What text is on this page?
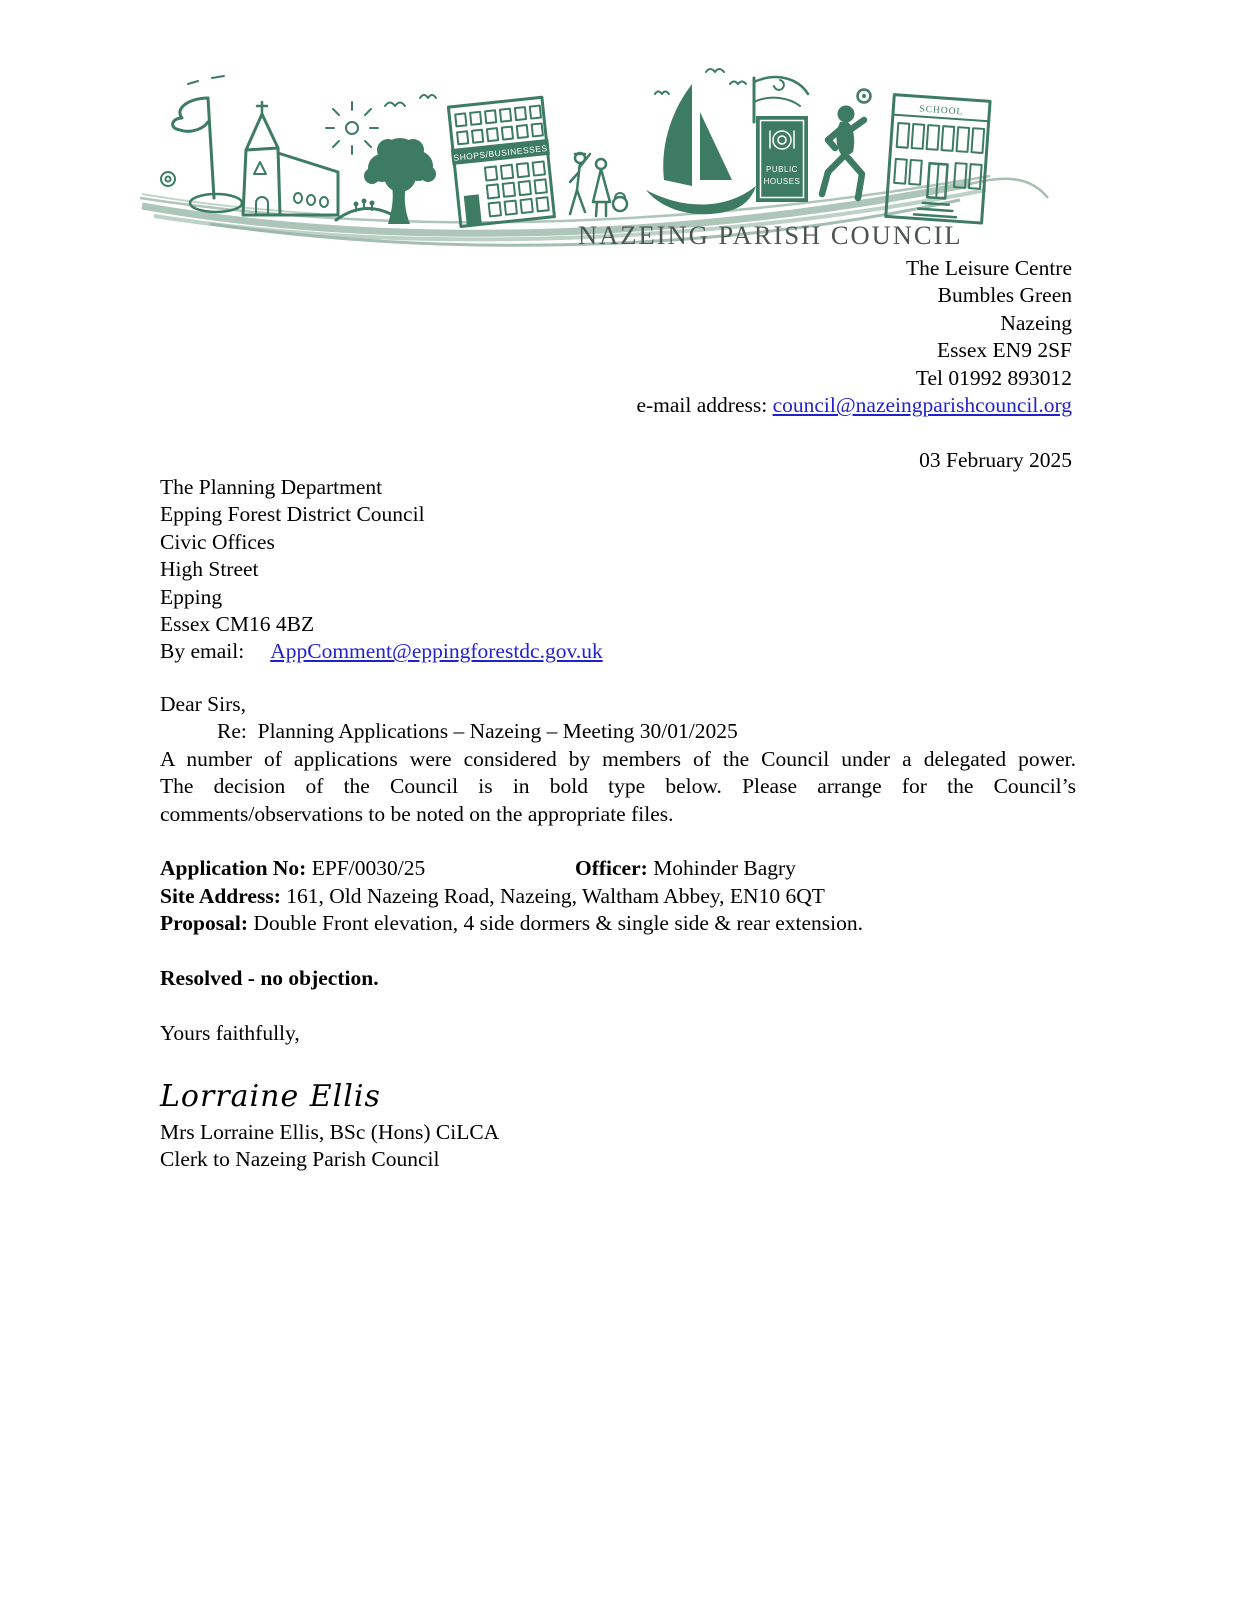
SHOPS/BUSINESSES
PUBLIC
HOUSES
SCHOOL
NAZEING PARISH COUNCIL
The Leisure Centre
Bumbles Green
Nazeing
Essex EN9 2SF
Tel 01992 893012
e-mail address: council@nazeingparishcouncil.org
03 February 2025
The Planning Department
Epping Forest District Council
Civic Offices
High Street
Epping
Essex CM16 4BZ
By email: AppComment@eppingforestdc.gov.uk
Dear Sirs,
Re:  Planning Applications – Nazeing – Meeting 30/01/2025
A number of applications were considered by members of the Council under a delegated power.
The decision of the Council is in bold type below. Please arrange for the Council’s
comments/observations to be noted on the appropriate files.
Application No: EPF/0030/25	Officer: Mohinder Bagry
Site Address: 161, Old Nazeing Road, Nazeing, Waltham Abbey, EN10 6QT
Proposal: Double Front elevation, 4 side dormers & single side & rear extension.
Resolved - no objection.
Yours faithfully,
Lorraine Ellis
Mrs Lorraine Ellis, BSc (Hons) CiLCA
Clerk to Nazeing Parish Council
